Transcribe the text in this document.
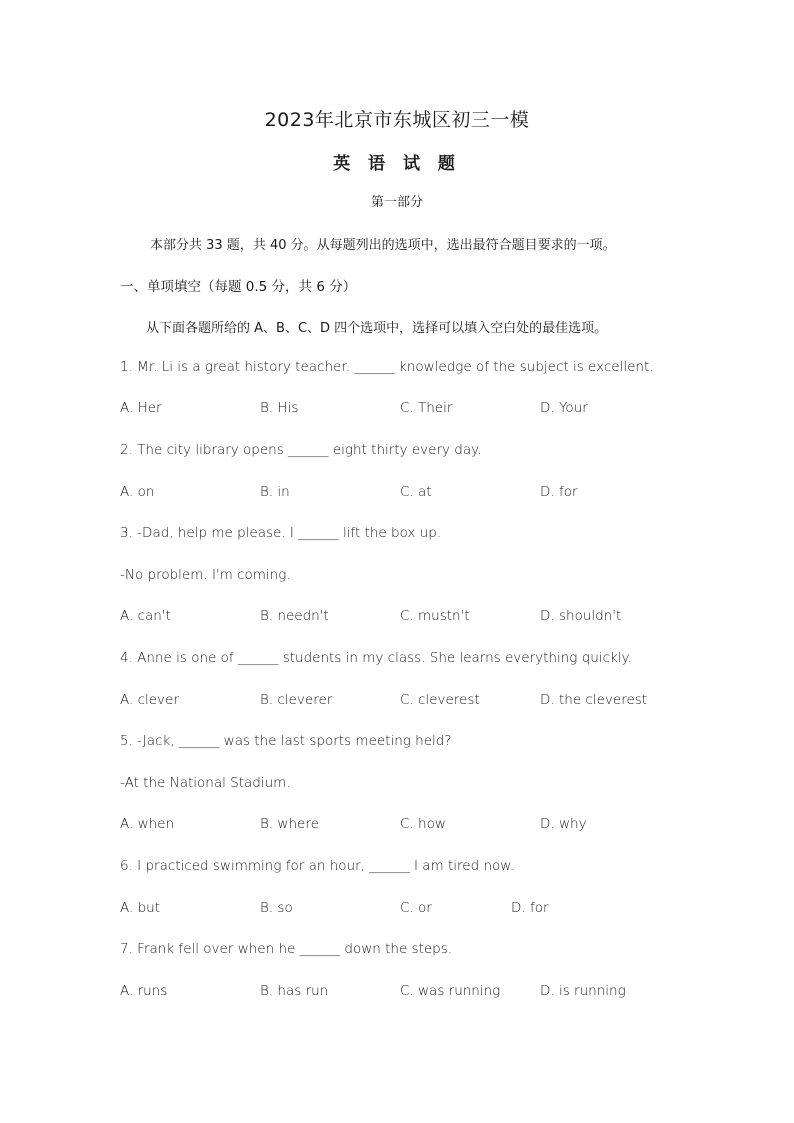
2023年北京市东城区初三一模
英 语 试 题
第一部分
本部分共 33 题，共 40 分。从每题列出的选项中，选出最符合题目要求的一项。
一、单项填空（每题 0.5 分，共 6 分）
从下面各题所给的 A、B、C、D 四个选项中，选择可以填入空白处的最佳选项。
1. Mr. Li is a great history teacher. ______ knowledge of the subject is excellent.
A. Her	B. His	C. Their	D. Your
2. The city library opens ______ eight thirty every day.
A. on	B. in	C. at	D. for
3. -Dad, help me please. I ______ lift the box up.
-No problem. I'm coming.
A. can't	B. needn't	C. mustn't	D. shouldn't
4. Anne is one of ______ students in my class. She learns everything quickly.
A. clever	B. cleverer	C. cleverest	D. the cleverest
5. -Jack, ______ was the last sports meeting held?
-At the National Stadium.
A. when	B. where	C. how	D. why
6. I practiced swimming for an hour, ______ I am tired now.
A. but	B. so	C. or	D. for
7. Frank fell over when he ______ down the steps.
A. runs	B. has run	C. was running	D. is running
